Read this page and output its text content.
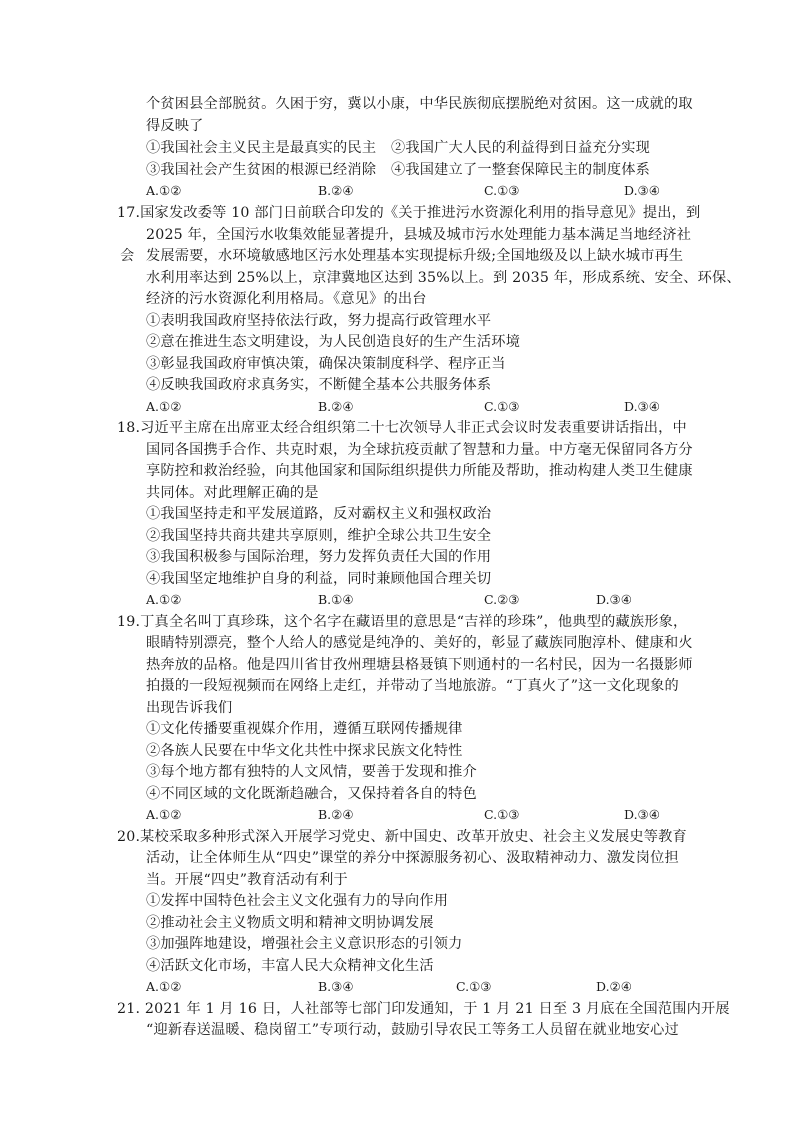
个贫困县全部脱贫。久困于穷，冀以小康，中华民族彻底摆脱绝对贫困。这一成就的取
得反映了
①我国社会主义民主是最真实的民主 ②我国广大人民的利益得到日益充分实现
③我国社会产生贫困的根源已经消除 ④我国建立了一整套保障民主的制度体系
A.①②	B.②④	C.①③	D.③④
17.国家发改委等 10 部门日前联合印发的《关于推进污水资源化利用的指导意见》提出，到
2025 年，全国污水收集效能显著提升，县城及城市污水处理能力基本满足当地经济社
会 发展需要，水环境敏感地区污水处理基本实现提标升级;全国地级及以上缺水城市再生
水利用率达到 25%以上，京津冀地区达到 35%以上。到 2035 年，形成系统、安全、环保、
经济的污水资源化利用格局。《意见》的出台
①表明我国政府坚持依法行政，努力提高行政管理水平
②意在推进生态文明建设，为人民创造良好的生产生活环境
③彰显我国政府审慎决策，确保决策制度科学、程序正当
④反映我国政府求真务实，不断健全基本公共服务体系
A.①②	B.②④	C.①③	D.③④
18.习近平主席在出席亚太经合组织第二十七次领导人非正式会议时发表重要讲话指出，中
国同各国携手合作、共克时艰，为全球抗疫贡献了智慧和力量。中方毫无保留同各方分
享防控和救治经验，向其他国家和国际组织提供力所能及帮助，推动构建人类卫生健康
共同体。对此理解正确的是
①我国坚持走和平发展道路，反对霸权主义和强权政治
②我国坚持共商共建共享原则，维护全球公共卫生安全
③我国积极参与国际治理，努力发挥负责任大国的作用
④我国坚定地维护自身的利益，同时兼顾他国合理关切
A.①②	B.①④	C.②③	D.③④
19.丁真全名叫丁真珍珠，这个名字在藏语里的意思是“吉祥的珍珠”，他典型的藏族形象，
眼睛特别漂亮，整个人给人的感觉是纯净的、美好的，彰显了藏族同胞淳朴、健康和火
热奔放的品格。他是四川省甘孜州理塘县格聂镇下则通村的一名村民，因为一名摄影师
拍摄的一段短视频而在网络上走红，并带动了当地旅游。“丁真火了”这一文化现象的
出现告诉我们
①文化传播要重视媒介作用，遵循互联网传播规律
②各族人民要在中华文化共性中探求民族文化特性
③每个地方都有独特的人文风情，要善于发现和推介
④不同区域的文化既渐趋融合，又保持着各自的特色
A.①②	B.②④	C.①③	D.③④
20.某校采取多种形式深入开展学习党史、新中国史、改革开放史、社会主义发展史等教育
活动，让全体师生从“四史”课堂的养分中探源服务初心、汲取精神动力、激发岗位担
当。开展“四史”教育活动有利于
①发挥中国特色社会主义文化强有力的导向作用
②推动社会主义物质文明和精神文明协调发展
③加强阵地建设，增强社会主义意识形态的引领力
④活跃文化市场，丰富人民大众精神文化生活
A.①②	B.③④	C.①③	D.②④
21. 2021 年 1 月 16 日，人社部等七部门印发通知，于 1 月 21 日至 3 月底在全国范围内开展
“迎新春送温暖、稳岗留工”专项行动，鼓励引导农民工等务工人员留在就业地安心过
